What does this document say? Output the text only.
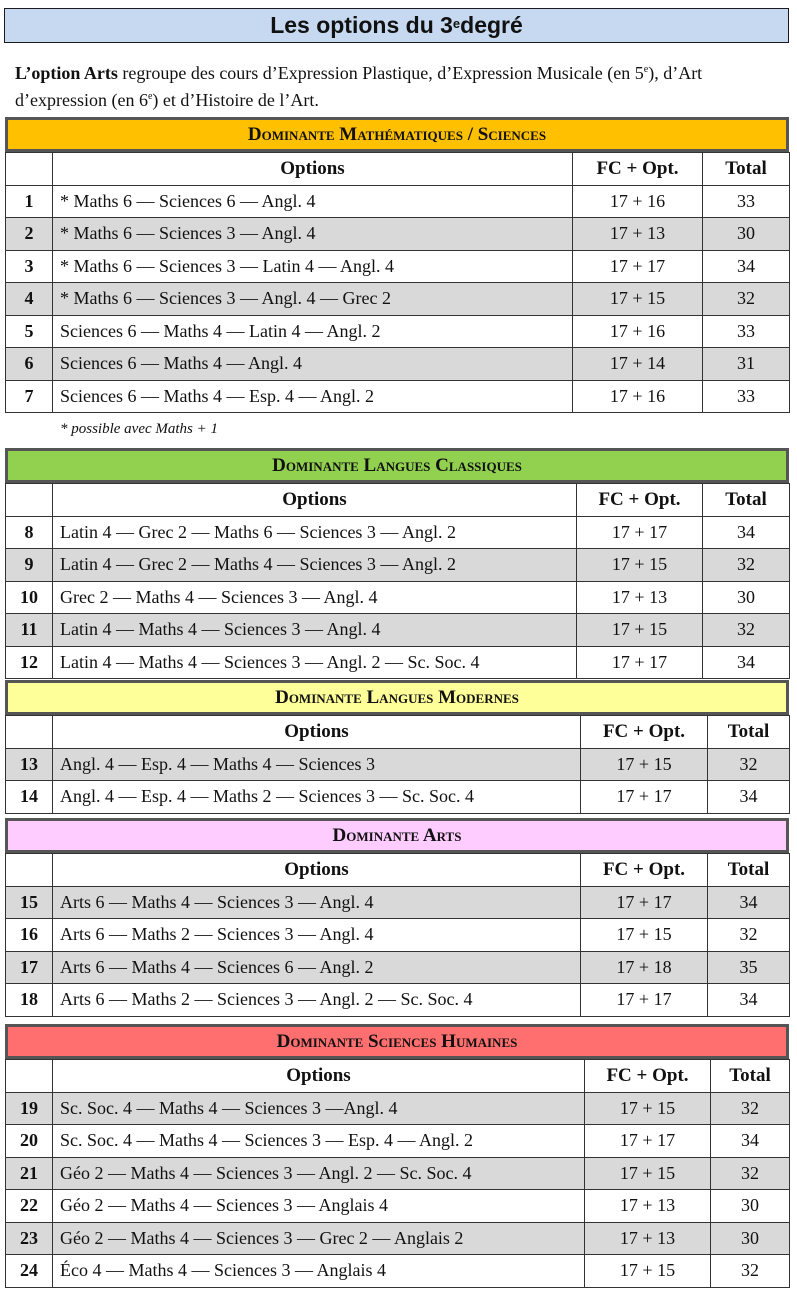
Les options du 3e degré
L’option Arts regroupe des cours d’Expression Plastique, d’Expression Musicale (en 5e), d’Art d’expression (en 6e) et d’Histoire de l’Art.
* possible avec Maths + 1
Dominante Mathématiques / Sciences
	Options	FC + Opt.	Total
1	* Maths 6 — Sciences 6 — Angl. 4	17 + 16	33
2	* Maths 6 — Sciences 3 — Angl. 4	17 + 13	30
3	* Maths 6 — Sciences 3 — Latin 4 — Angl. 4	17 + 17	34
4	* Maths 6 — Sciences 3 — Angl. 4 — Grec 2	17 + 15	32
5	Sciences 6 — Maths 4 — Latin 4 — Angl. 2	17 + 16	33
6	Sciences 6 — Maths 4 — Angl. 4	17 + 14	31
7	Sciences 6 — Maths 4 — Esp. 4 — Angl. 2	17 + 16	33
Dominante Langues Classiques
	Options	FC + Opt.	Total
8	Latin 4 — Grec 2 — Maths 6 — Sciences 3 — Angl. 2	17 + 17	34
9	Latin 4 — Grec 2 — Maths 4 — Sciences 3 — Angl. 2	17 + 15	32
10	Grec 2 — Maths 4 — Sciences 3 — Angl. 4	17 + 13	30
11	Latin 4 — Maths 4 — Sciences 3 — Angl. 4	17 + 15	32
12	Latin 4 — Maths 4 — Sciences 3 — Angl. 2 — Sc. Soc. 4	17 + 17	34
Dominante Langues Modernes
	Options	FC + Opt.	Total
13	Angl. 4 — Esp. 4 — Maths 4 — Sciences 3	17 + 15	32
14	Angl. 4 — Esp. 4 — Maths 2 — Sciences 3 — Sc. Soc. 4	17 + 17	34
Dominante Arts
	Options	FC + Opt.	Total
15	Arts 6 — Maths 4 — Sciences 3 — Angl. 4	17 + 17	34
16	Arts 6 — Maths 2 — Sciences 3 — Angl. 4	17 + 15	32
17	Arts 6 — Maths 4 — Sciences 6 — Angl. 2	17 + 18	35
18	Arts 6 — Maths 2 — Sciences 3 — Angl. 2 — Sc. Soc. 4	17 + 17	34
Dominante Sciences Humaines
	Options	FC + Opt.	Total
19	Sc. Soc. 4 — Maths 4 — Sciences 3 —Angl. 4	17 + 15	32
20	Sc. Soc. 4 — Maths 4 — Sciences 3 — Esp. 4 — Angl. 2	17 + 17	34
21	Géo 2 — Maths 4 — Sciences 3 — Angl. 2 — Sc. Soc. 4	17 + 15	32
22	Géo 2 — Maths 4 — Sciences 3 — Anglais 4	17 + 13	30
23	Géo 2 — Maths 4 — Sciences 3 — Grec 2 — Anglais 2	17 + 13	30
24	Éco 4 — Maths 4 — Sciences 3 — Anglais 4	17 + 15	32
